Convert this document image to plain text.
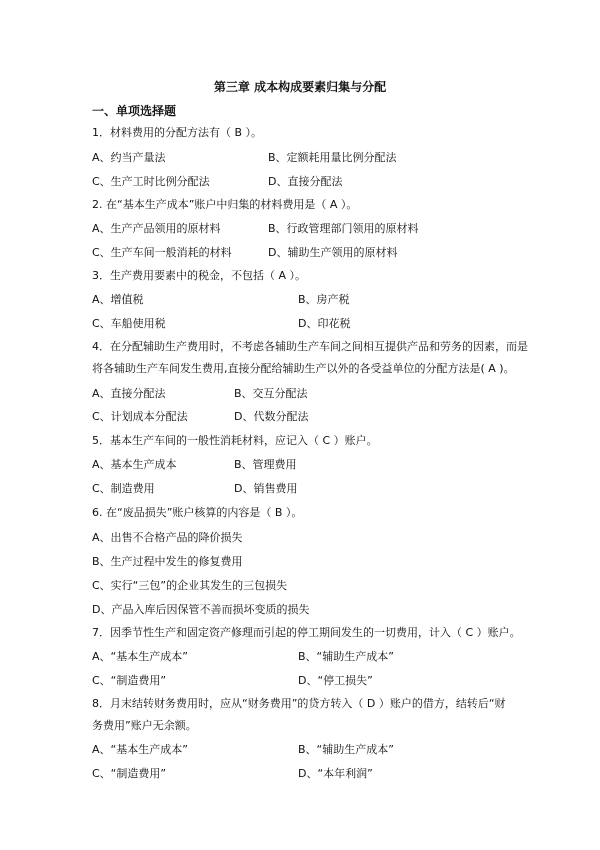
第三章 成本构成要素归集与分配
一、单项选择题
1．材料费用的分配方法有（ B ）。
A、约当产量法	B、定额耗用量比例分配法
C、生产工时比例分配法	D、直接分配法
2. 在“基本生产成本”账户中归集的材料费用是（ A ）。
A、生产产品领用的原材料	B、行政管理部门领用的原材料
C、生产车间一般消耗的材料	D、辅助生产领用的原材料
3．生产费用要素中的税金，不包括（ A ）。
A、增值税	B、房产税
C、车船使用税	D、印花税
4．在分配辅助生产费用时，不考虑各辅助生产车间之间相互提供产品和劳务的因素，而是
将各辅助生产车间发生费用,直接分配给辅助生产以外的各受益单位的分配方法是( A )。
A、直接分配法	B、交互分配法
C、计划成本分配法	D、代数分配法
5．基本生产车间的一般性消耗材料，应记入（ C ）账户。
A、基本生产成本	B、管理费用
C、制造费用	D、销售费用
6. 在“废品损失”账户核算的内容是（ B ）。
A、出售不合格产品的降价损失
B、生产过程中发生的修复费用
C、实行“三包”的企业其发生的三包损失
D、产品入库后因保管不善而损坏变质的损失
7．因季节性生产和固定资产修理而引起的停工期间发生的一切费用，计入（ C ）账户。
A、“基本生产成本”	B、“辅助生产成本”
C、“制造费用”	D、“停工损失”
8．月末结转财务费用时，应从“财务费用”的贷方转入（ D ）账户的借方，结转后“财
务费用”账户无余额。
A、“基本生产成本”	B、“辅助生产成本”
C、“制造费用”	D、“本年利润”
